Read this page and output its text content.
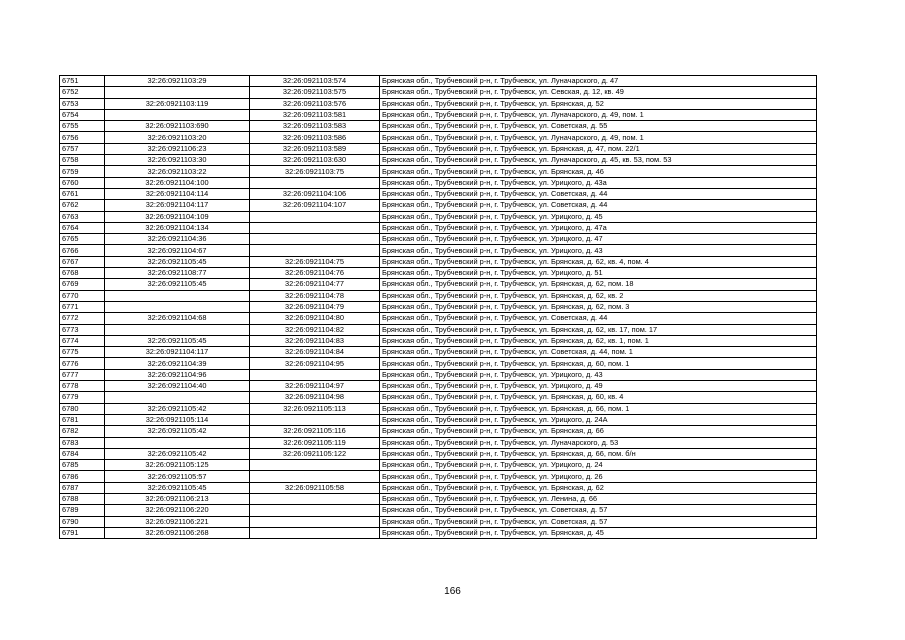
6751	32:26:0921103:29	32:26:0921103:574	Брянская обл., Трубчевский р-н, г. Трубчевск, ул. Луначарского, д. 47
6752		32:26:0921103:575	Брянская обл., Трубчевский р-н, г. Трубчевск, ул. Севская, д. 12, кв. 49
6753	32:26:0921103:119	32:26:0921103:576	Брянская обл., Трубчевский р-н, г. Трубчевск, ул. Брянская, д. 52
6754		32:26:0921103:581	Брянская обл., Трубчевский р-н, г. Трубчевск, ул. Луначарского, д. 49, пом. 1
6755	32:26:0921103:690	32:26:0921103:583	Брянская обл., Трубчевский р-н, г. Трубчевск, ул. Советская, д. 55
6756	32:26:0921103:20	32:26:0921103:586	Брянская обл., Трубчевский р-н, г. Трубчевск, ул. Луначарского, д. 49, пом. 1
6757	32:26:0921106:23	32:26:0921103:589	Брянская обл., Трубчевский р-н, г. Трубчевск, ул. Брянская, д. 47, пом. 22/1
6758	32:26:0921103:30	32:26:0921103:630	Брянская обл., Трубчевский р-н, г. Трубчевск, ул. Луначарского, д. 45, кв. 53, пом. 53
6759	32:26:0921103:22	32:26:0921103:75	Брянская обл., Трубчевский р-н, г. Трубчевск, ул. Брянская, д. 46
6760	32:26:0921104:100		Брянская обл., Трубчевский р-н, г. Трубчевск, ул. Урицкого, д. 43а
6761	32:26:0921104:114	32:26:0921104:106	Брянская обл., Трубчевский р-н, г. Трубчевск, ул. Советская, д. 44
6762	32:26:0921104:117	32:26:0921104:107	Брянская обл., Трубчевский р-н, г. Трубчевск, ул. Советская, д. 44
6763	32:26:0921104:109		Брянская обл., Трубчевский р-н, г. Трубчевск, ул. Урицкого, д. 45
6764	32:26:0921104:134		Брянская обл., Трубчевский р-н, г. Трубчевск, ул. Урицкого, д. 47а
6765	32:26:0921104:36		Брянская обл., Трубчевский р-н, г. Трубчевск, ул. Урицкого, д. 47
6766	32:26:0921104:67		Брянская обл., Трубчевский р-н, г. Трубчевск, ул. Урицкого, д. 43
6767	32:26:0921105:45	32:26:0921104:75	Брянская обл., Трубчевский р-н, г. Трубчевск, ул. Брянская, д. 62, кв. 4, пом. 4
6768	32:26:0921108:77	32:26:0921104:76	Брянская обл., Трубчевский р-н, г. Трубчевск, ул. Урицкого, д. 51
6769	32:26:0921105:45	32:26:0921104:77	Брянская обл., Трубчевский р-н, г. Трубчевск, ул. Брянская, д. 62, пом. 18
6770		32:26:0921104:78	Брянская обл., Трубчевский р-н, г. Трубчевск, ул. Брянская, д. 62, кв. 2
6771		32:26:0921104:79	Брянская обл., Трубчевский р-н, г. Трубчевск, ул. Брянская, д. 62, пом. 3
6772	32:26:0921104:68	32:26:0921104:80	Брянская обл., Трубчевский р-н, г. Трубчевск, ул. Советская, д. 44
6773		32:26:0921104:82	Брянская обл., Трубчевский р-н, г. Трубчевск, ул. Брянская, д. 62, кв. 17, пом. 17
6774	32:26:0921105:45	32:26:0921104:83	Брянская обл., Трубчевский р-н, г. Трубчевск, ул. Брянская, д. 62, кв. 1, пом. 1
6775	32:26:0921104:117	32:26:0921104:84	Брянская обл., Трубчевский р-н, г. Трубчевск, ул. Советская, д. 44, пом. 1
6776	32:26:0921104:39	32:26:0921104:95	Брянская обл., Трубчевский р-н, г. Трубчевск, ул. Брянская, д. 60, пом. 1
6777	32:26:0921104:96		Брянская обл., Трубчевский р-н, г. Трубчевск, ул. Урицкого, д. 43
6778	32:26:0921104:40	32:26:0921104:97	Брянская обл., Трубчевский р-н, г. Трубчевск, ул. Урицкого, д. 49
6779		32:26:0921104:98	Брянская обл., Трубчевский р-н, г. Трубчевск, ул. Брянская, д. 60, кв. 4
6780	32:26:0921105:42	32:26:0921105:113	Брянская обл., Трубчевский р-н, г. Трубчевск, ул. Брянская, д. 66, пом. 1
6781	32:26:0921105:114		Брянская обл., Трубчевский р-н, г. Трубчевск, ул. Урицкого, д. 24А
6782	32:26:0921105:42	32:26:0921105:116	Брянская обл., Трубчевский р-н, г. Трубчевск, ул. Брянская, д. 66
6783		32:26:0921105:119	Брянская обл., Трубчевский р-н, г. Трубчевск, ул. Луначарского, д. 53
6784	32:26:0921105:42	32:26:0921105:122	Брянская обл., Трубчевский р-н, г. Трубчевск, ул. Брянская, д. 66, пом. б/н
6785	32:26:0921105:125		Брянская обл., Трубчевский р-н, г. Трубчевск, ул. Урицкого, д. 24
6786	32:26:0921105:57		Брянская обл., Трубчевский р-н, г. Трубчевск, ул. Урицкого, д. 26
6787	32:26:0921105:45	32:26:0921105:58	Брянская обл., Трубчевский р-н, г. Трубчевск, ул. Брянская, д. 62
6788	32:26:0921106:213		Брянская обл., Трубчевский р-н, г. Трубчевск, ул. Ленина, д. 66
6789	32:26:0921106:220		Брянская обл., Трубчевский р-н, г. Трубчевск, ул. Советская, д. 57
6790	32:26:0921106:221		Брянская обл., Трубчевский р-н, г. Трубчевск, ул. Советская, д. 57
6791	32:26:0921106:268		Брянская обл., Трубчевский р-н, г. Трубчевск, ул. Брянская, д. 45
166
